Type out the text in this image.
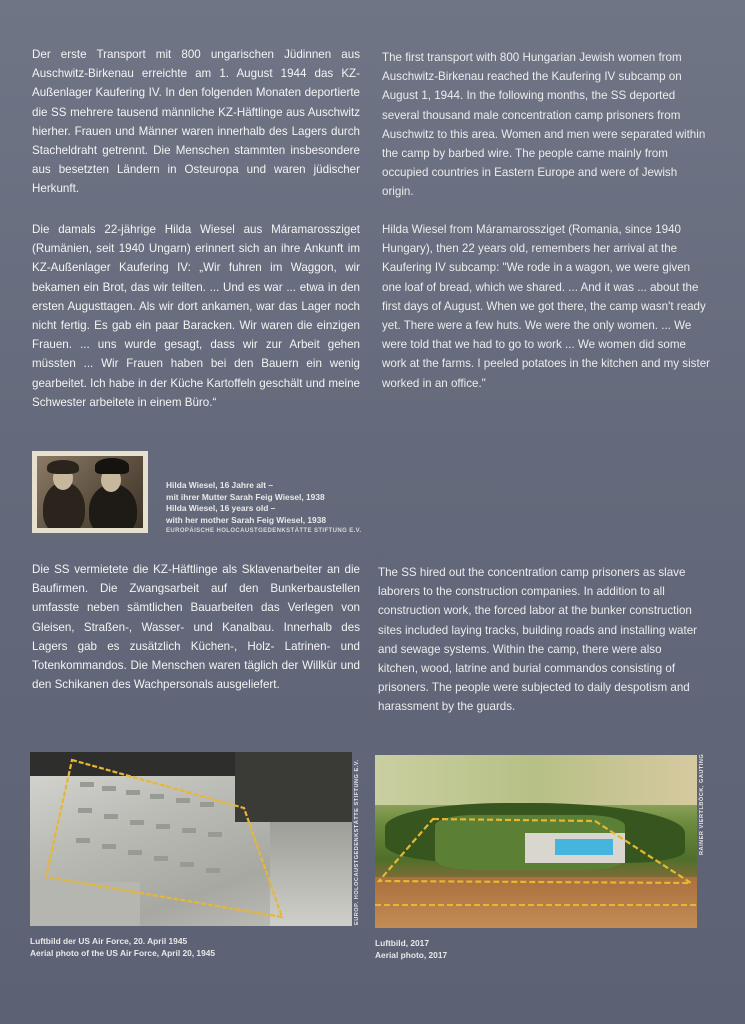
Der erste Transport mit 800 ungarischen Jüdinnen aus Auschwitz-Birkenau erreichte am 1. August 1944 das KZ-Außenlager Kaufering IV. In den folgenden Monaten deportierte die SS mehrere tausend männliche KZ-Häftlinge aus Auschwitz hierher. Frauen und Männer waren innerhalb des Lagers durch Stacheldraht getrennt. Die Menschen stammten insbesondere aus besetzten Ländern in Osteuropa und waren jüdischer Herkunft.

The first transport with 800 Hungarian Jewish women from Auschwitz-Birkenau reached the Kaufering IV subcamp on August 1, 1944. In the following months, the SS deported several thousand male concentration camp prisoners from Auschwitz to this area. Women and men were separated within the camp by barbed wire. The people came mainly from occupied countries in Eastern Europe and were of Jewish origin.

Die damals 22-jährige Hilda Wiesel aus Máramarossziget (Rumänien, seit 1940 Ungarn) erinnert sich an ihre Ankunft im KZ-Außenlager Kaufering IV: „Wir fuhren im Waggon, wir bekamen ein Brot, das wir teilten. ... Und es war ... etwa in den ersten Augusttagen. Als wir dort ankamen, war das Lager noch nicht fertig. Es gab ein paar Baracken. Wir waren die einzigen Frauen. ... uns wurde gesagt, dass wir zur Arbeit gehen müssten ... Wir Frauen haben bei den Bauern ein wenig gearbeitet. Ich habe in der Küche Kartoffeln geschält und meine Schwester arbeitete in einem Büro.“

Hilda Wiesel from Máramarossziget (Romania, since 1940 Hungary), then 22 years old, remembers her arrival at the Kaufering IV subcamp: "We rode in a wagon, we were given one loaf of bread, which we shared. ... And it was ... about the first days of August. When we got there, the camp wasn't ready yet. There were a few huts. We were the only women. ... We were told that we had to go to work ... We women did some work at the farms. I peeled potatoes in the kitchen and my sister worked in an office."

Hilda Wiesel, 16 Jahre alt –
mit ihrer Mutter Sarah Feig Wiesel, 1938
Hilda Wiesel, 16 years old –
with her mother Sarah Feig Wiesel, 1938
EUROPÄISCHE HOLOCAUSTGEDENKSTÄTTE STIFTUNG E.V.

Die SS vermietete die KZ-Häftlinge als Sklavenarbeiter an die Baufirmen. Die Zwangsarbeit auf den Bunkerbaustellen umfasste neben sämtlichen Bauarbeiten das Verlegen von Gleisen, Straßen-, Wasser- und Kanalbau. Innerhalb des Lagers gab es zusätzlich Küchen-, Holz- Latrinen- und Totenkommandos. Die Menschen waren täglich der Willkür und den Schikanen des Wachpersonals ausgeliefert.

The SS hired out the concentration camp prisoners as slave laborers to the construction companies. In addition to all construction work, the forced labor at the bunker construction sites included laying tracks, building roads and installing water and sewage systems. Within the camp, there were also kitchen, wood, latrine and burial commandos consisting of prisoners. The people were subjected to daily despotism and harassment by the guards.

EUROP. HOLOCAUSTGEDENKSTÄTTE STIFTUNG E.V.
Luftbild der US Air Force, 20. April 1945
Aerial photo of the US Air Force, April 20, 1945
RAINER VIERTLBÖCK, GAUTING
Luftbild, 2017
Aerial photo, 2017
